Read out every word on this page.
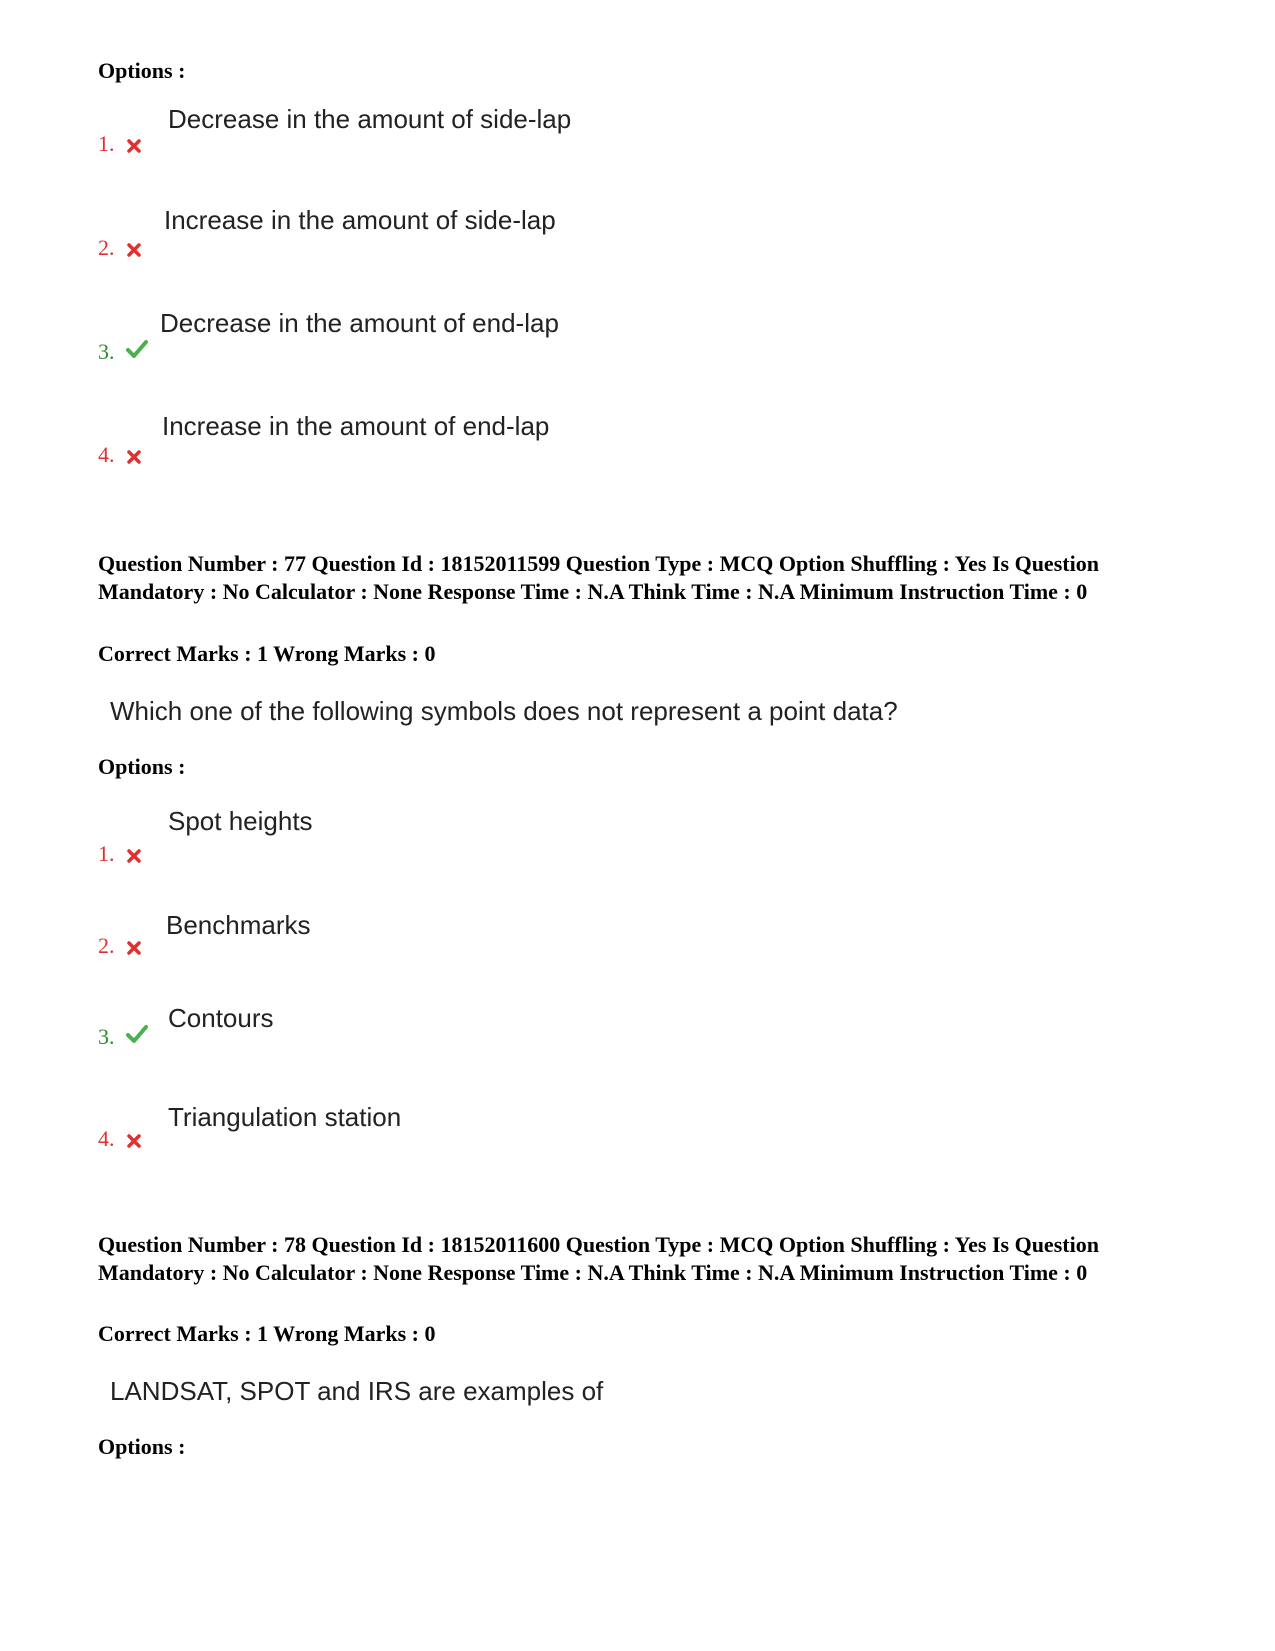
Options :
Decrease in the amount of side-lap
1.
Increase in the amount of side-lap
2.
Decrease in the amount of end-lap
3.
Increase in the amount of end-lap
4.
Question Number : 77 Question Id : 18152011599 Question Type : MCQ Option Shuffling : Yes Is Question Mandatory : No Calculator : None Response Time : N.A Think Time : N.A Minimum Instruction Time : 0
Correct Marks : 1 Wrong Marks : 0
Which one of the following symbols does not represent a point data?
Options :
Spot heights
1.
Benchmarks
2.
Contours
3.
Triangulation station
4.
Question Number : 78 Question Id : 18152011600 Question Type : MCQ Option Shuffling : Yes Is Question Mandatory : No Calculator : None Response Time : N.A Think Time : N.A Minimum Instruction Time : 0
Correct Marks : 1 Wrong Marks : 0
LANDSAT, SPOT and IRS are examples of
Options :
